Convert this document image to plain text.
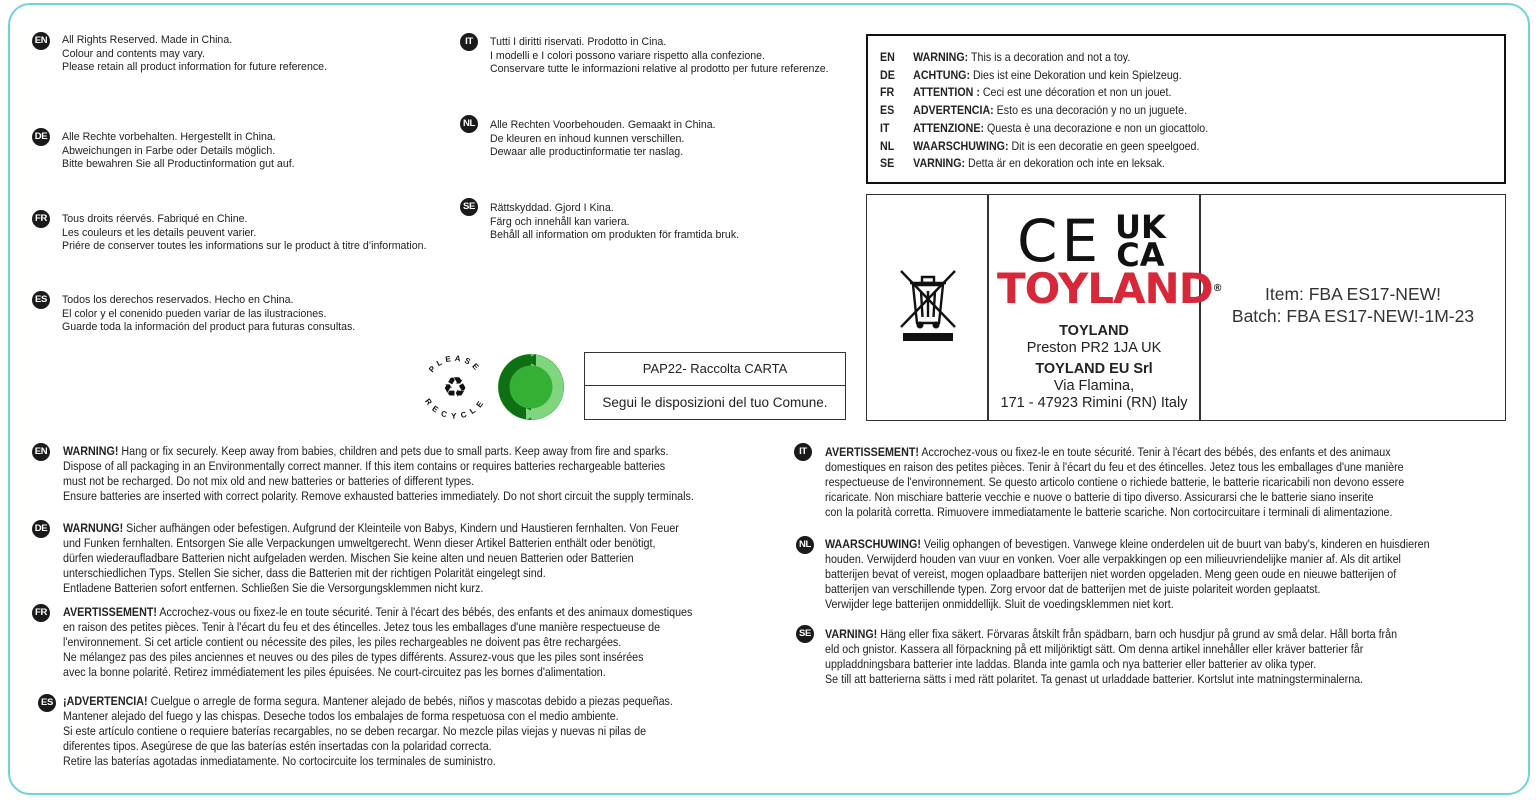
EN All Rights Reserved. Made in China.
Colour and contents may vary.
Please retain all product information for future reference.
DE Alle Rechte vorbehalten. Hergestellt in China.
Abweichungen in Farbe oder Details möglich.
Bitte bewahren Sie all Productinformation gut auf.
FR Tous droits réervés. Fabriqué en Chine.
Les couleurs et les details peuvent varier.
Priére de conserver toutes les informations sur le product à titre d’information.
ES Todos los derechos reservados. Hecho en China.
El color y el conenido pueden variar de las ilustraciones.
Guarde toda la información del product para futuras consultas.
IT	Tutti I diritti riservati. Prodotto in Cina.
I modelli e I colori possono variare rispetto alla confezione.
Conservare tutte le informazioni relative al prodotto per future referenze.
NL Alle Rechten Voorbehouden. Gemaakt in China.
De kleuren en inhoud kunnen verschillen.
Dewaar alle productinformatie ter naslag.
SE Rättskyddad. Gjord I Kina.
Färg och innehåll kan variera.
Behåll all information om produkten för framtida bruk.
EN WARNING: This is a decoration and not a toy.
DE ACHTUNG: Dies ist eine Dekoration und kein Spielzeug.
FR ATTENTION : Ceci est une décoration et non un jouet.
ES ADVERTENCIA: Esto es una decoración y no un juguete.
IT ATTENZIONE: Questa è una decorazione e non un giocattolo.
NL WAARSCHUWING: Dit is een decoratie en geen speelgoed.
SE VARNING: Detta är en dekoration och inte en leksak.
CE UK
CA
TOYLAND®
TOYLAND
Preston PR2 1JA UK
TOYLAND EU Srl
Via Flamina,
171 - 47923 Rimini (RN) Italy
Item: FBA ES17-NEW!
Batch: FBA ES17-NEW!-1M-23
PLEASE
RECYCLE
♻
PAP22- Raccolta CARTA
Segui le disposizioni del tuo Comune.
EN WARNING! Hang or fix securely. Keep away from babies, children and pets due to small parts. Keep away from fire and sparks.
Dispose of all packaging in an Environmentally correct manner. If this item contains or requires batteries rechargeable batteries
must not be recharged. Do not mix old and new batteries or batteries of different types.
Ensure batteries are inserted with correct polarity. Remove exhausted batteries immediately. Do not short circuit the supply terminals.
DE WARNUNG! Sicher aufhängen oder befestigen. Aufgrund der Kleinteile von Babys, Kindern und Haustieren fernhalten. Von Feuer
und Funken fernhalten. Entsorgen Sie alle Verpackungen umweltgerecht. Wenn dieser Artikel Batterien enthält oder benötigt,
dürfen wiederaufladbare Batterien nicht aufgeladen werden. Mischen Sie keine alten und neuen Batterien oder Batterien
unterschiedlichen Typs. Stellen Sie sicher, dass die Batterien mit der richtigen Polarität eingelegt sind.
Entladene Batterien sofort entfernen. Schließen Sie die Versorgungsklemmen nicht kurz.
FR AVERTISSEMENT! Accrochez-vous ou fixez-le en toute sécurité. Tenir à l'écart des bébés, des enfants et des animaux domestiques
en raison des petites pièces. Tenir à l'écart du feu et des étincelles. Jetez tous les emballages d'une manière respectueuse de
l'environnement. Si cet article contient ou nécessite des piles, les piles rechargeables ne doivent pas être rechargées.
Ne mélangez pas des piles anciennes et neuves ou des piles de types différents. Assurez-vous que les piles sont insérées
avec la bonne polarité. Retirez immédiatement les piles épuisées. Ne court-circuitez pas les bornes d'alimentation.
ES ¡ADVERTENCIA! Cuelgue o arregle de forma segura. Mantener alejado de bebés, niños y mascotas debido a piezas pequeñas.
Mantener alejado del fuego y las chispas. Deseche todos los embalajes de forma respetuosa con el medio ambiente.
Si este artículo contiene o requiere baterías recargables, no se deben recargar. No mezcle pilas viejas y nuevas ni pilas de
diferentes tipos. Asegúrese de que las baterías estén insertadas con la polaridad correcta.
Retire las baterías agotadas inmediatamente. No cortocircuite los terminales de suministro.
IT	AVERTISSEMENT! Accrochez-vous ou fixez-le en toute sécurité. Tenir à l'écart des bébés, des enfants et des animaux
domestiques en raison des petites pièces. Tenir à l'écart du feu et des étincelles. Jetez tous les emballages d'une manière
respectueuse de l'environnement. Se questo articolo contiene o richiede batterie, le batterie ricaricabili non devono essere
ricaricate. Non mischiare batterie vecchie e nuove o batterie di tipo diverso. Assicurarsi che le batterie siano inserite
con la polarità corretta. Rimuovere immediatamente le batterie scariche. Non cortocircuitare i terminali di alimentazione.
NL WAARSCHUWING! Veilig ophangen of bevestigen. Vanwege kleine onderdelen uit de buurt van baby's, kinderen en huisdieren
houden. Verwijderd houden van vuur en vonken. Voer alle verpakkingen op een milieuvriendelijke manier af. Als dit artikel
batterijen bevat of vereist, mogen oplaadbare batterijen niet worden opgeladen. Meng geen oude en nieuwe batterijen of
batterijen van verschillende typen. Zorg ervoor dat de batterijen met de juiste polariteit worden geplaatst.
Verwijder lege batterijen onmiddellijk. Sluit de voedingsklemmen niet kort.
SE VARNING! Häng eller fixa säkert. Förvaras åtskilt från spädbarn, barn och husdjur på grund av små delar. Håll borta från
eld och gnistor. Kassera all förpackning på ett miljöriktigt sätt. Om denna artikel innehåller eller kräver batterier får
uppladdningsbara batterier inte laddas. Blanda inte gamla och nya batterier eller batterier av olika typer.
Se till att batterierna sätts i med rätt polaritet. Ta genast ut urladdade batterier. Kortslut inte matningsterminalerna.
